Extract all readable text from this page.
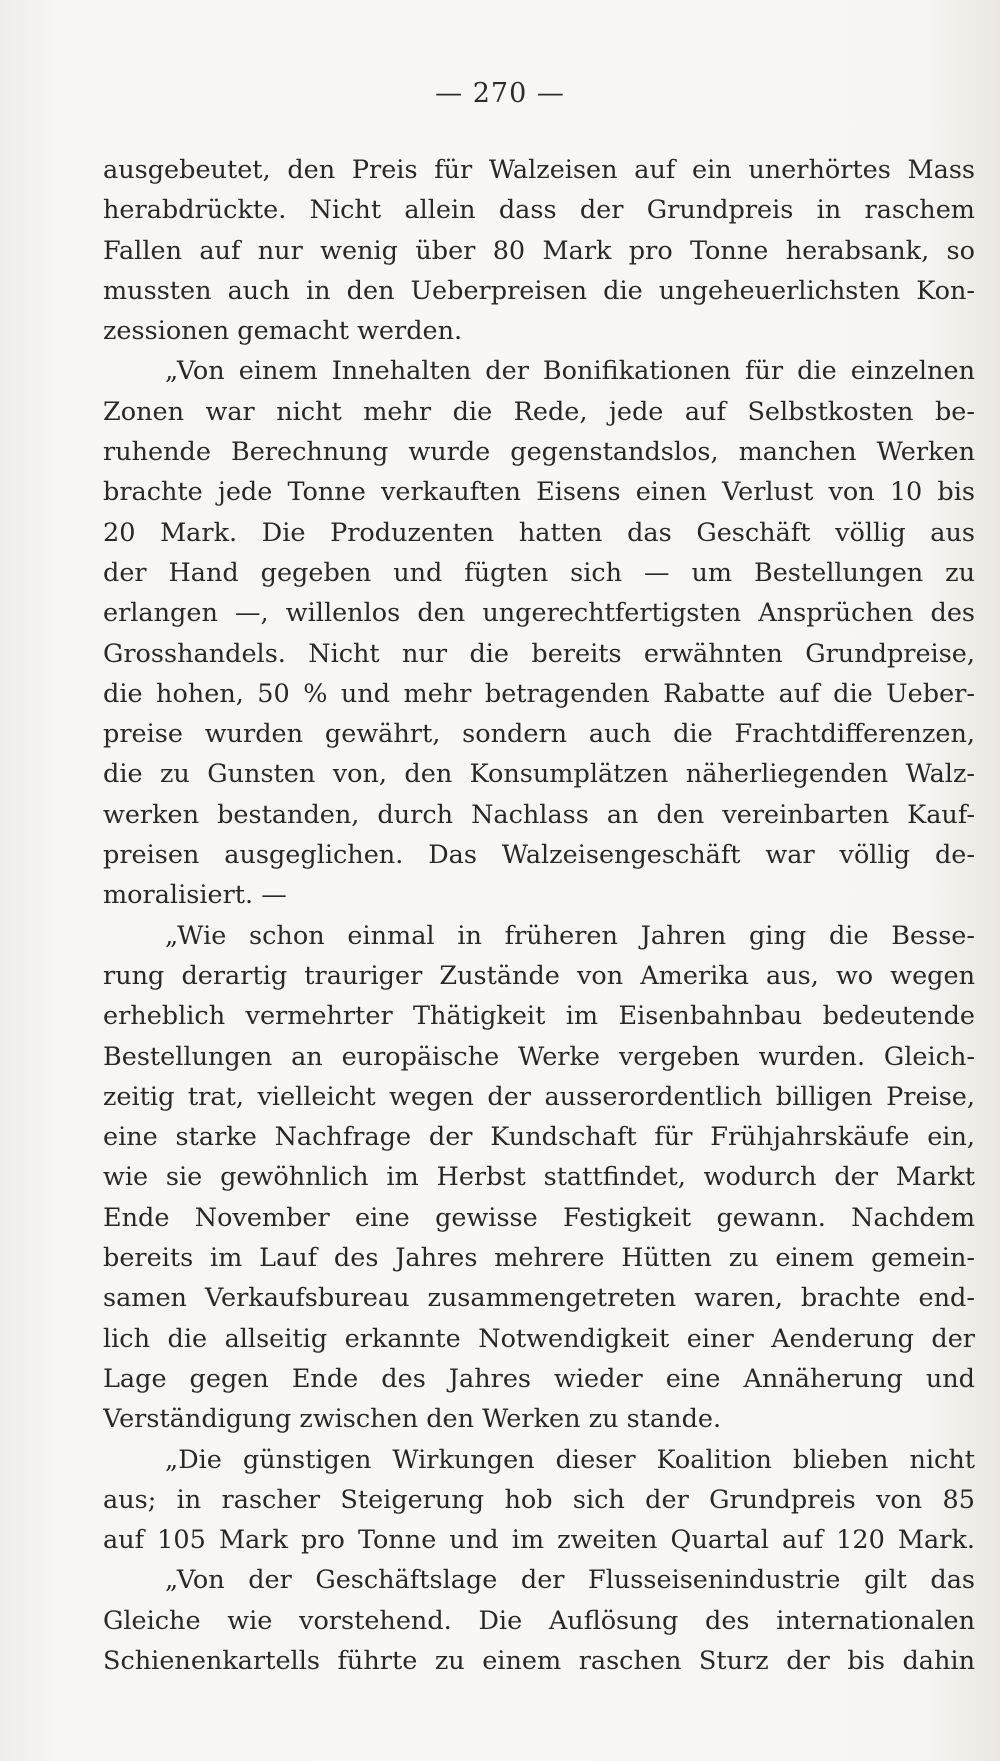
— 270 —
ausgebeutet, den Preis für Walzeisen auf ein unerhörtes Mass
herabdrückte. Nicht allein dass der Grundpreis in raschem
Fallen auf nur wenig über 80 Mark pro Tonne herabsank, so
mussten auch in den Ueberpreisen die ungeheuerlichsten Kon-
zessionen gemacht werden.
„Von einem Innehalten der Bonifikationen für die einzelnen
Zonen war nicht mehr die Rede, jede auf Selbstkosten be-
ruhende Berechnung wurde gegenstandslos, manchen Werken
brachte jede Tonne verkauften Eisens einen Verlust von 10 bis
20 Mark. Die Produzenten hatten das Geschäft völlig aus
der Hand gegeben und fügten sich — um Bestellungen zu
erlangen —, willenlos den ungerechtfertigsten Ansprüchen des
Grosshandels. Nicht nur die bereits erwähnten Grundpreise,
die hohen, 50 % und mehr betragenden Rabatte auf die Ueber-
preise wurden gewährt, sondern auch die Frachtdifferenzen,
die zu Gunsten von, den Konsumplätzen näherliegenden Walz-
werken bestanden, durch Nachlass an den vereinbarten Kauf-
preisen ausgeglichen. Das Walzeisengeschäft war völlig de-
moralisiert. —
„Wie schon einmal in früheren Jahren ging die Besse-
rung derartig trauriger Zustände von Amerika aus, wo wegen
erheblich vermehrter Thätigkeit im Eisenbahnbau bedeutende
Bestellungen an europäische Werke vergeben wurden. Gleich-
zeitig trat, vielleicht wegen der ausserordentlich billigen Preise,
eine starke Nachfrage der Kundschaft für Frühjahrskäufe ein,
wie sie gewöhnlich im Herbst stattfindet, wodurch der Markt
Ende November eine gewisse Festigkeit gewann. Nachdem
bereits im Lauf des Jahres mehrere Hütten zu einem gemein-
samen Verkaufsbureau zusammengetreten waren, brachte end-
lich die allseitig erkannte Notwendigkeit einer Aenderung der
Lage gegen Ende des Jahres wieder eine Annäherung und
Verständigung zwischen den Werken zu stande.
„Die günstigen Wirkungen dieser Koalition blieben nicht
aus; in rascher Steigerung hob sich der Grundpreis von 85
auf 105 Mark pro Tonne und im zweiten Quartal auf 120 Mark.
„Von der Geschäftslage der Flusseisenindustrie gilt das
Gleiche wie vorstehend. Die Auflösung des internationalen
Schienenkartells führte zu einem raschen Sturz der bis dahin
